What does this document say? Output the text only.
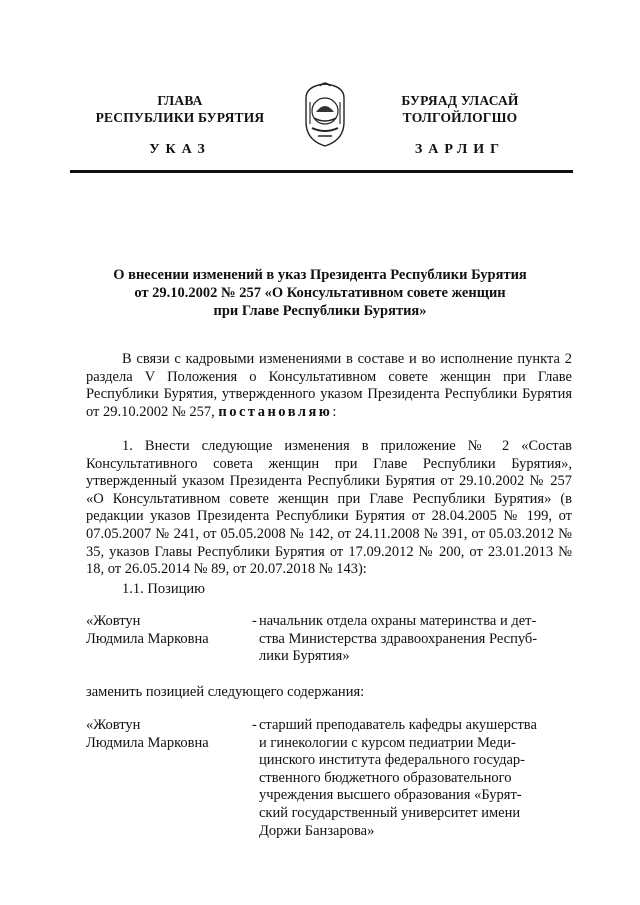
ГЛАВА
РЕСПУБЛИКИ БУРЯТИЯ
БУРЯАД УЛАСАЙ
ТОЛГОЙЛОГШО
УКАЗ	ЗАРЛИГ
О внесении изменений в указ Президента Республики Бурятия
от 29.10.2002 № 257 «О Консультативном совете женщин
при Главе Республики Бурятия»

В связи с кадровыми изменениями в составе и во исполнение пункта 2 раздела V Положения о Консультативном совете женщин при Главе Республики Бурятия, утвержденного указом Президента Республики Бурятия от 29.10.2002 № 257, постановляю:

1. Внести следующие изменения в приложение № 2 «Состав Консультативного совета женщин при Главе Республики Бурятия», утвержденный указом Президента Республики Бурятия от 29.10.2002 № 257 «О Консультативном совете женщин при Главе Республики Бурятия» (в редакции указов Президента Республики Бурятия от 28.04.2005 № 199, от 07.05.2007 № 241, от 05.05.2008 № 142, от 24.11.2008 № 391, от 05.03.2012 № 35, указов Главы Республики Бурятия от 17.09.2012 № 200, от 23.01.2013 № 18, от 26.05.2014 № 89, от 20.07.2018 № 143):

1.1. Позицию
«Жовтун
Людмила Марковна
- начальник отдела охраны материнства и дет-
ства Министерства здравоохранения Респуб-
лики Бурятия»
заменить позицией следующего содержания:
«Жовтун
Людмила Марковна
- старший преподаватель кафедры акушерства
и гинекологии с курсом педиатрии Меди-
цинского института федерального государ-
ственного бюджетного образовательного
учреждения высшего образования «Бурят-
ский государственный университет имени
Доржи Банзарова»
